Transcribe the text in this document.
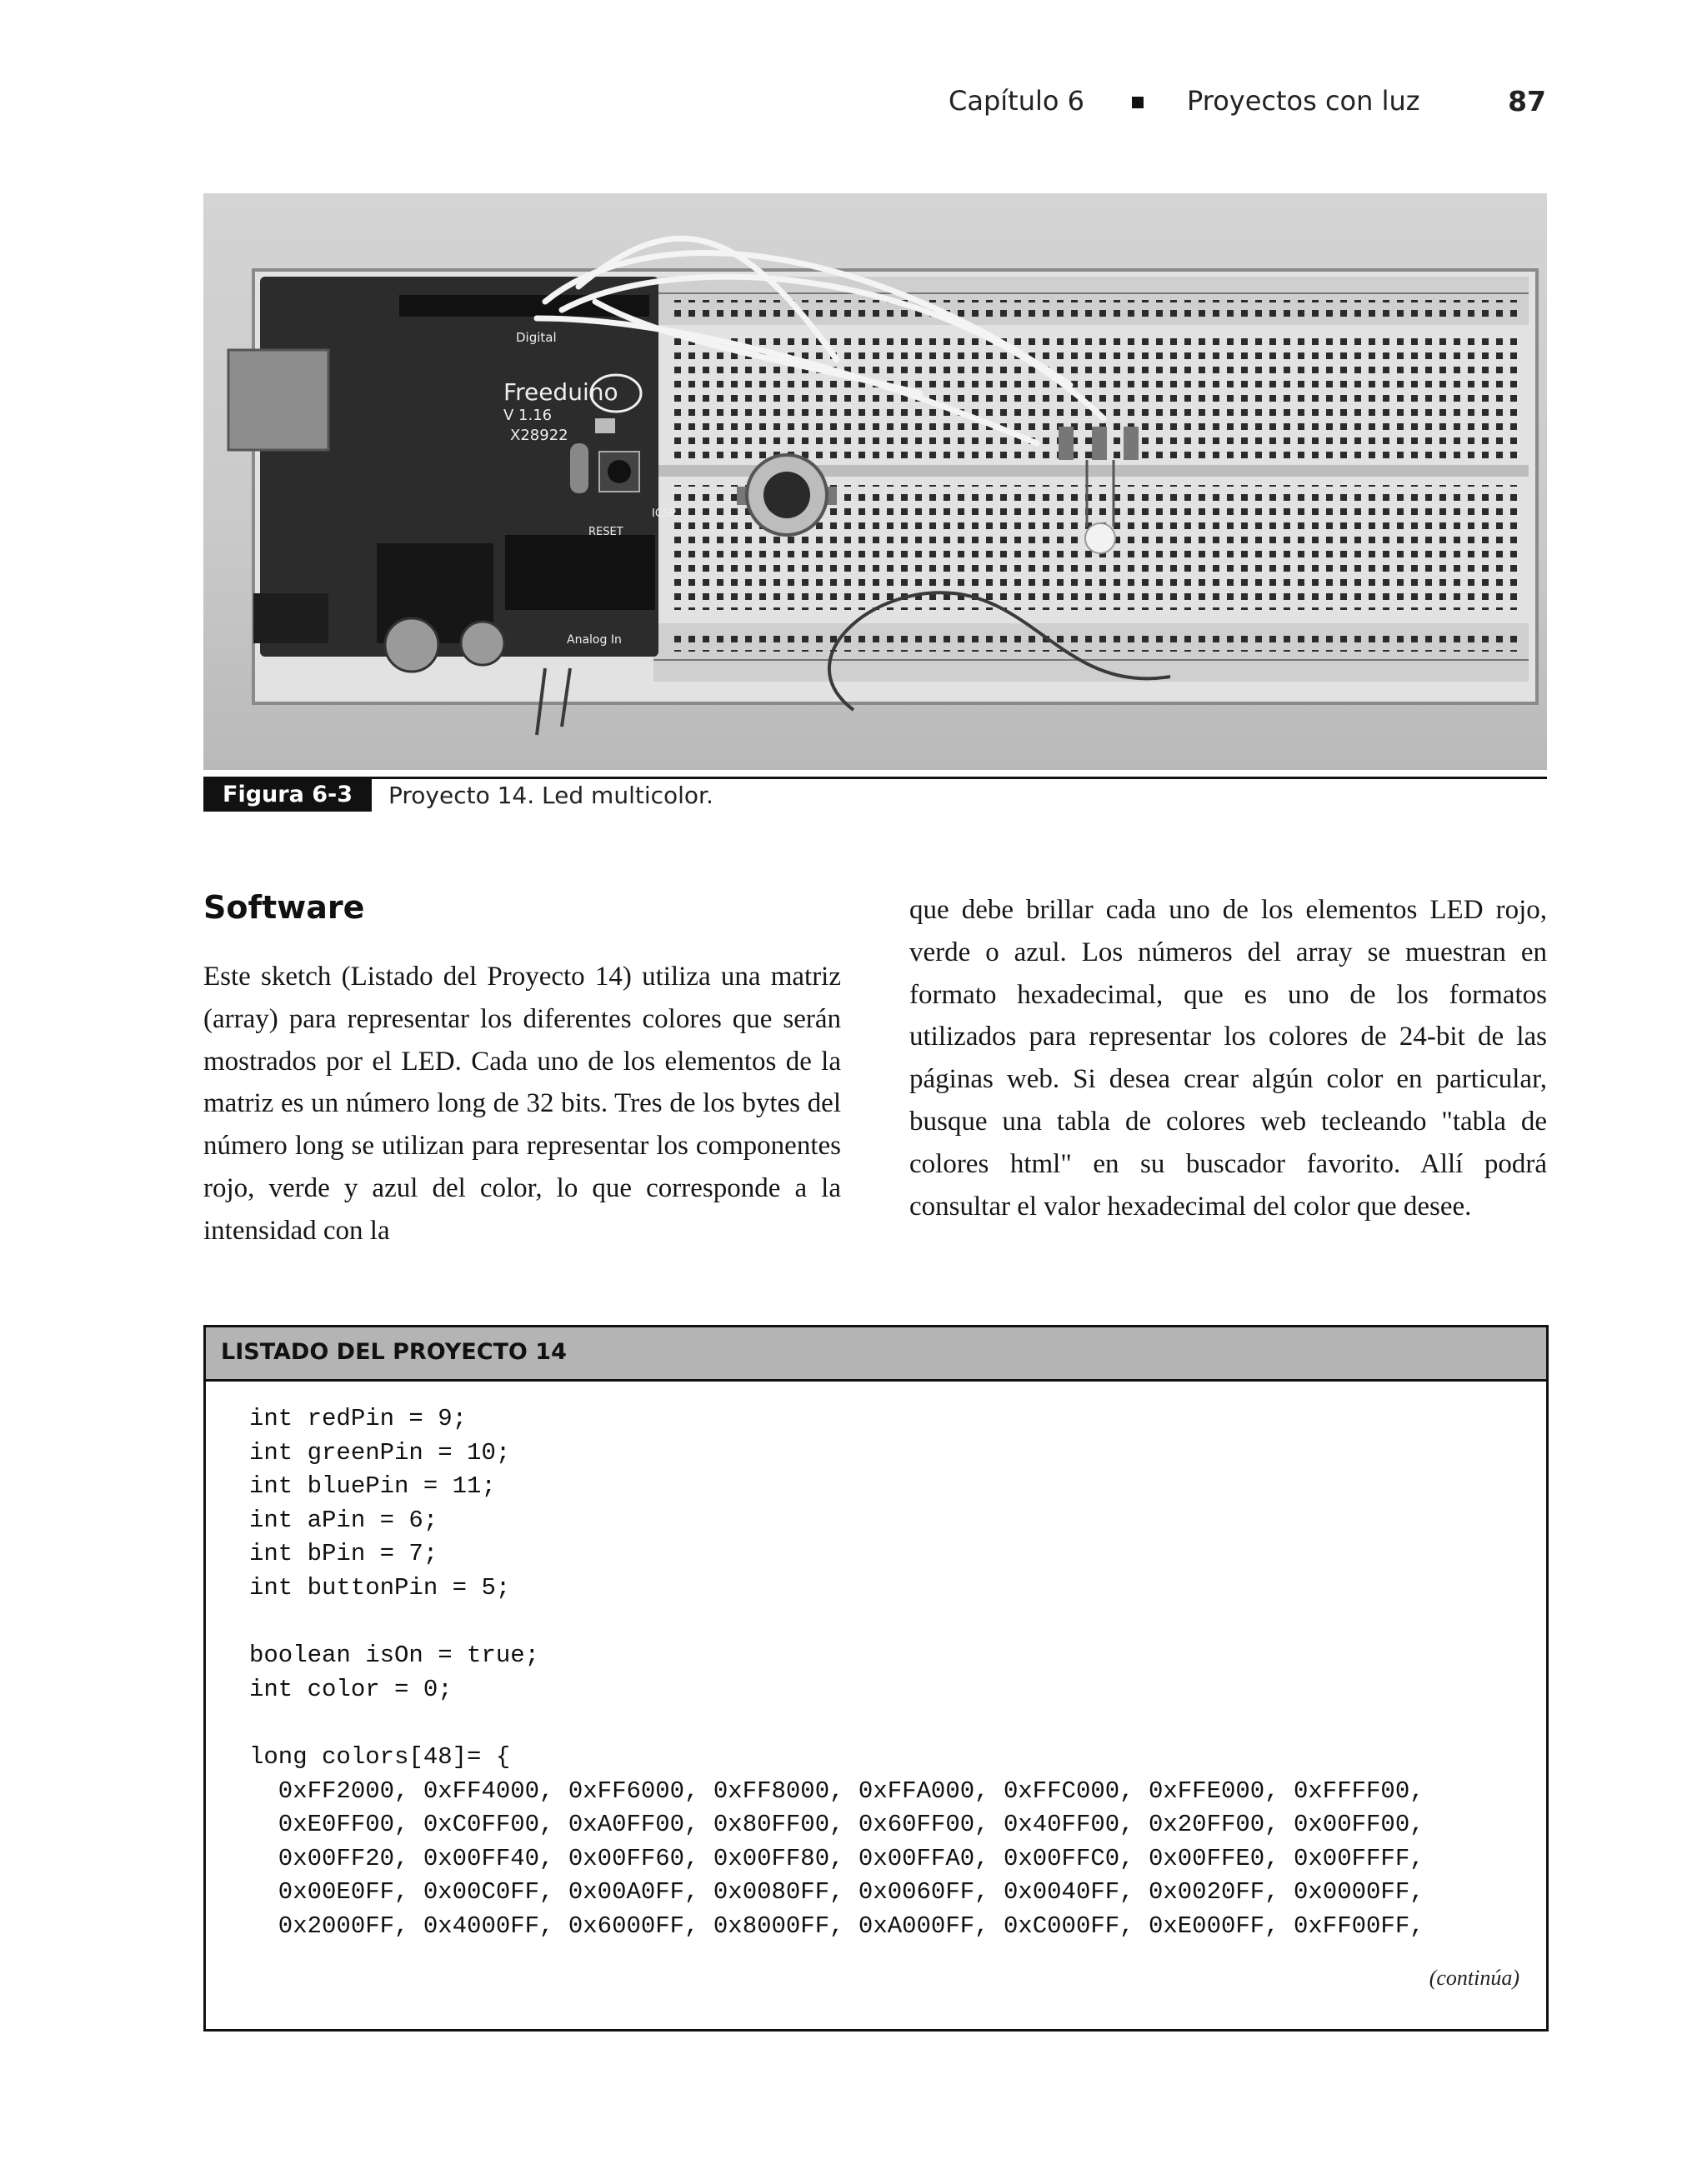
Capítulo 6	Proyectos con luz	87
Freeduino
V 1.16
X28922
Digital
Analog In
RESET
ICSP
Figura 6-3	Proyecto 14. Led multicolor.
Software

Este sketch (Listado del Proyecto 14) utiliza una matriz (array) para representar los diferentes colores que serán mostrados por el LED. Cada uno de los elementos de la matriz es un número long de 32 bits. Tres de los bytes del número long se utilizan para representar los componentes rojo, verde y azul del color, lo que corresponde a la intensidad con la

que debe brillar cada uno de los elementos LED rojo, verde o azul. Los números del array se muestran en formato hexadecimal, que es uno de los formatos utilizados para representar los colores de 24-bit de las páginas web. Si desea crear algún color en particular, busque una tabla de colores web tecleando "tabla de colores html" en su buscador favorito. Allí podrá consultar el valor hexadecimal del color que desee.

LISTADO DEL PROYECTO 14
int redPin = 9;
int greenPin = 10;
int bluePin = 11;
int aPin = 6;
int bPin = 7;
int buttonPin = 5;

boolean isOn = true;
int color = 0;

long colors[48]= {
0xFF2000, 0xFF4000, 0xFF6000, 0xFF8000, 0xFFA000, 0xFFC000, 0xFFE000, 0xFFFF00,
0xE0FF00, 0xC0FF00, 0xA0FF00, 0x80FF00, 0x60FF00, 0x40FF00, 0x20FF00, 0x00FF00,
0x00FF20, 0x00FF40, 0x00FF60, 0x00FF80, 0x00FFA0, 0x00FFC0, 0x00FFE0, 0x00FFFF,
0x00E0FF, 0x00C0FF, 0x00A0FF, 0x0080FF, 0x0060FF, 0x0040FF, 0x0020FF, 0x0000FF,
0x2000FF, 0x4000FF, 0x6000FF, 0x8000FF, 0xA000FF, 0xC000FF, 0xE000FF, 0xFF00FF,
(continúa)
